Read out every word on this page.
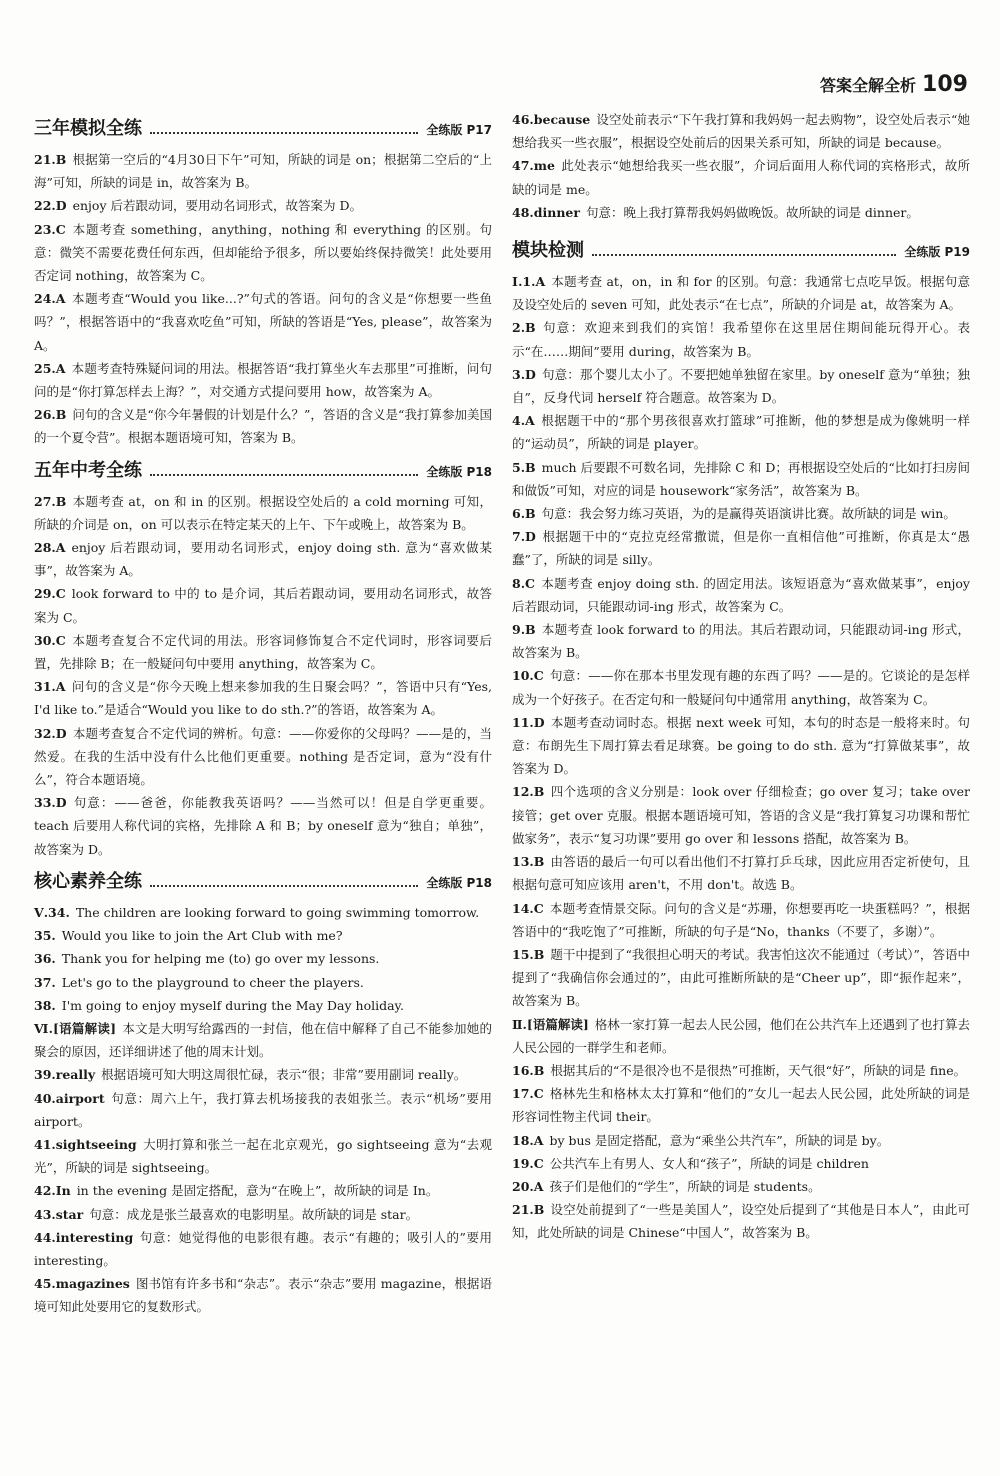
答案全解全析 109
三年模拟全练	全练版 P17
21.B 根据第一空后的“4月30日下午”可知，所缺的词是 on；根据第二空后的“上海”可知，所缺的词是 in，故答案为 B。
22.D enjoy 后若跟动词，要用动名词形式，故答案为 D。
23.C 本题考查 something，anything，nothing 和 everything 的区别。句意：微笑不需要花费任何东西，但却能给予很多，所以要始终保持微笑！此处要用否定词 nothing，故答案为 C。
24.A 本题考查“Would you like...?”句式的答语。问句的含义是“你想要一些鱼吗？”，根据答语中的“我喜欢吃鱼”可知，所缺的答语是“Yes, please”，故答案为 A。
25.A 本题考查特殊疑问词的用法。根据答语“我打算坐火车去那里”可推断，问句问的是“你打算怎样去上海？”，对交通方式提问要用 how，故答案为 A。
26.B 问句的含义是“你今年暑假的计划是什么？”，答语的含义是“我打算参加美国的一个夏令营”。根据本题语境可知，答案为 B。
五年中考全练	全练版 P18
27.B 本题考查 at，on 和 in 的区别。根据设空处后的 a cold morning 可知，所缺的介词是 on，on 可以表示在特定某天的上午、下午或晚上，故答案为 B。
28.A enjoy 后若跟动词，要用动名词形式，enjoy doing sth. 意为“喜欢做某事”，故答案为 A。
29.C look forward to 中的 to 是介词，其后若跟动词，要用动名词形式，故答案为 C。
30.C 本题考查复合不定代词的用法。形容词修饰复合不定代词时，形容词要后置，先排除 B；在一般疑问句中要用 anything，故答案为 C。
31.A 问句的含义是“你今天晚上想来参加我的生日聚会吗？”，答语中只有“Yes, I'd like to.”是适合“Would you like to do sth.?”的答语，故答案为 A。
32.D 本题考查复合不定代词的辨析。句意：——你爱你的父母吗？——是的，当然爱。在我的生活中没有什么比他们更重要。nothing 是否定词，意为“没有什么”，符合本题语境。
33.D 句意：——爸爸，你能教我英语吗？——当然可以！但是自学更重要。teach 后要用人称代词的宾格，先排除 A 和 B；by oneself 意为“独自；单独”，故答案为 D。
核心素养全练	全练版 P18
Ⅴ.34. The children are looking forward to going swimming tomorrow.
35. Would you like to join the Art Club with me?
36. Thank you for helping me (to) go over my lessons.
37. Let's go to the playground to cheer the players.
38. I'm going to enjoy myself during the May Day holiday.
Ⅵ.[语篇解读] 本文是大明写给露西的一封信，他在信中解释了自己不能参加她的聚会的原因，还详细讲述了他的周末计划。
39.really 根据语境可知大明这周很忙碌，表示“很；非常”要用副词 really。
40.airport 句意：周六上午，我打算去机场接我的表姐张兰。表示“机场”要用 airport。
41.sightseeing 大明打算和张兰一起在北京观光，go sightseeing 意为“去观光”，所缺的词是 sightseeing。
42.In in the evening 是固定搭配，意为“在晚上”，故所缺的词是 In。
43.star 句意：成龙是张兰最喜欢的电影明星。故所缺的词是 star。
44.interesting 句意：她觉得他的电影很有趣。表示“有趣的；吸引人的”要用 interesting。
45.magazines 图书馆有许多书和“杂志”。表示“杂志”要用 magazine，根据语境可知此处要用它的复数形式。
46.because 设空处前表示“下午我打算和我妈妈一起去购物”，设空处后表示“她想给我买一些衣服”，根据设空处前后的因果关系可知，所缺的词是 because。
47.me 此处表示“她想给我买一些衣服”，介词后面用人称代词的宾格形式，故所缺的词是 me。
48.dinner 句意：晚上我打算帮我妈妈做晚饭。故所缺的词是 dinner。
模块检测	全练版 P19
Ⅰ.1.A 本题考查 at，on，in 和 for 的区别。句意：我通常七点吃早饭。根据句意及设空处后的 seven 可知，此处表示“在七点”，所缺的介词是 at，故答案为 A。
2.B 句意：欢迎来到我们的宾馆！我希望你在这里居住期间能玩得开心。表示“在……期间”要用 during，故答案为 B。
3.D 句意：那个婴儿太小了。不要把她单独留在家里。by oneself 意为“单独；独自”，反身代词 herself 符合题意。故答案为 D。
4.A 根据题干中的“那个男孩很喜欢打篮球”可推断，他的梦想是成为像姚明一样的“运动员”，所缺的词是 player。
5.B much 后要跟不可数名词，先排除 C 和 D；再根据设空处后的“比如打扫房间和做饭”可知，对应的词是 housework“家务活”，故答案为 B。
6.B 句意：我会努力练习英语，为的是赢得英语演讲比赛。故所缺的词是 win。
7.D 根据题干中的“克拉克经常撒谎，但是你一直相信他”可推断，你真是太“愚蠢”了，所缺的词是 silly。
8.C 本题考查 enjoy doing sth. 的固定用法。该短语意为“喜欢做某事”，enjoy 后若跟动词，只能跟动词-ing 形式，故答案为 C。
9.B 本题考查 look forward to 的用法。其后若跟动词，只能跟动词-ing 形式，故答案为 B。
10.C 句意：——你在那本书里发现有趣的东西了吗？——是的。它谈论的是怎样成为一个好孩子。在否定句和一般疑问句中通常用 anything，故答案为 C。
11.D 本题考查动词时态。根据 next week 可知，本句的时态是一般将来时。句意：布朗先生下周打算去看足球赛。be going to do sth. 意为“打算做某事”，故答案为 D。
12.B 四个选项的含义分别是：look over 仔细检查；go over 复习；take over 接管；get over 克服。根据本题语境可知，答语的含义是“我打算复习功课和帮忙做家务”，表示“复习功课”要用 go over 和 lessons 搭配，故答案为 B。
13.B 由答语的最后一句可以看出他们不打算打乒乓球，因此应用否定祈使句，且根据句意可知应该用 aren't，不用 don't。故选 B。
14.C 本题考查情景交际。问句的含义是“苏珊，你想要再吃一块蛋糕吗？”，根据答语中的“我吃饱了”可推断，所缺的句子是“No，thanks（不要了，多谢）”。
15.B 题干中提到了“我很担心明天的考试。我害怕这次不能通过（考试）”，答语中提到了“我确信你会通过的”，由此可推断所缺的是“Cheer up”，即“振作起来”，故答案为 B。
Ⅱ.[语篇解读] 格林一家打算一起去人民公园，他们在公共汽车上还遇到了也打算去人民公园的一群学生和老师。
16.B 根据其后的“不是很冷也不是很热”可推断，天气很“好”，所缺的词是 fine。
17.C 格林先生和格林太太打算和“他们的”女儿一起去人民公园，此处所缺的词是形容词性物主代词 their。
18.A by bus 是固定搭配，意为“乘坐公共汽车”，所缺的词是 by。
19.C 公共汽车上有男人、女人和“孩子”，所缺的词是 children
20.A 孩子们是他们的“学生”，所缺的词是 students。
21.B 设空处前提到了“一些是美国人”，设空处后提到了“其他是日本人”，由此可知，此处所缺的词是 Chinese“中国人”，故答案为 B。
